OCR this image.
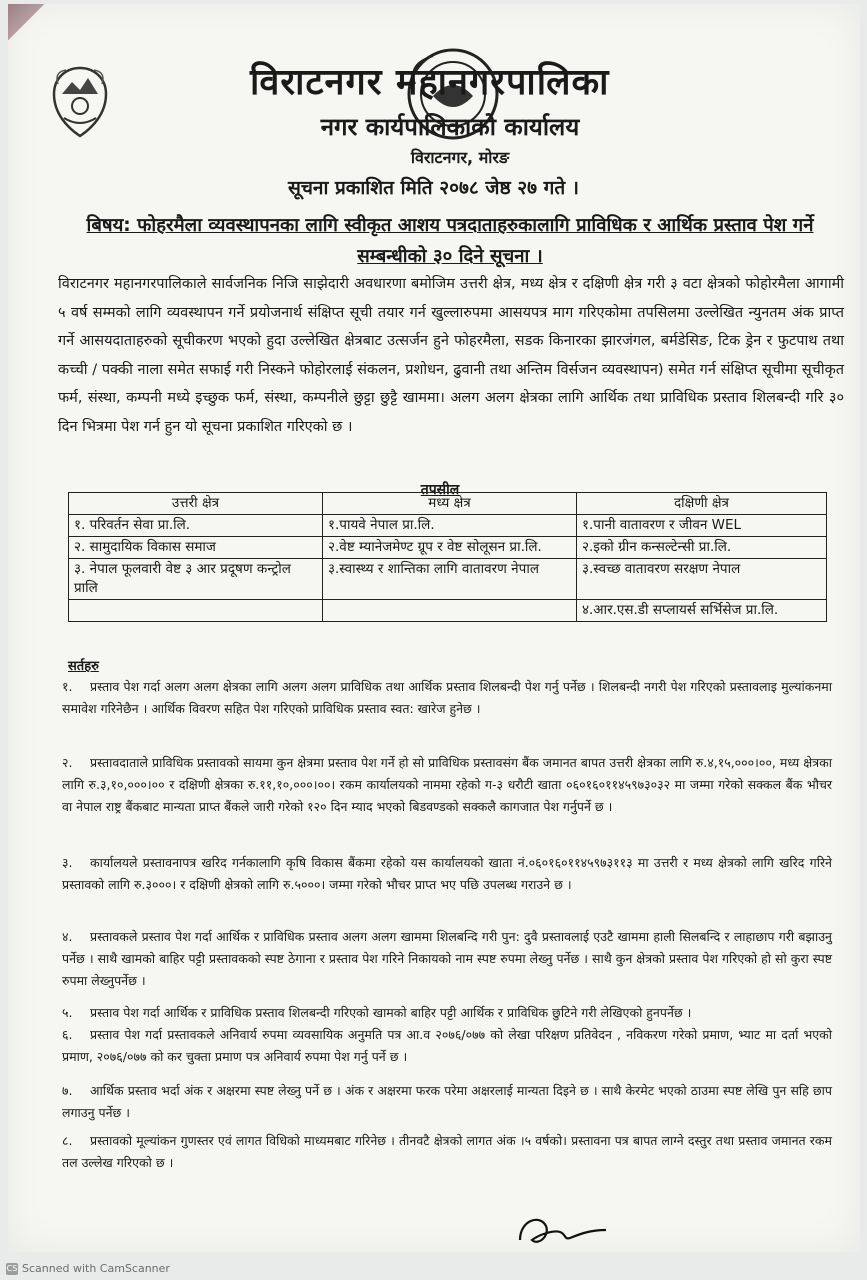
विराटनगर महानगरपालिका
नगर कार्यपालिकाको कार्यालय
विराटनगर, मोरङ
सूचना प्रकाशित मिति २०७८ जेष्ठ २७ गते ।
बिषय: फोहरमैला व्यवस्थापनका लागि स्वीकृत आशय पत्रदाताहरुकालागि प्राविधिक र आर्थिक प्रस्ताव पेश गर्ने सम्बन्धीको ३० दिने सूचना ।
विराटनगर महानगरपालिकाले सार्वजनिक निजि साझेदारी अवधारणा बमोजिम उत्तरी क्षेत्र, मध्य क्षेत्र र दक्षिणी क्षेत्र गरी ३ वटा क्षेत्रको फोहोरमैला आगामी ५ वर्ष सम्मको लागि व्यवस्थापन गर्ने प्रयोजनार्थ संक्षिप्त सूची तयार गर्न खुल्लारुपमा आसयपत्र माग गरिएकोमा तपसिलमा उल्लेखित न्युनतम अंक प्राप्त गर्ने आसयदाताहरुको सूचीकरण भएको हुदा उल्लेखित क्षेत्रबाट उत्सर्जन हुने फोहरमैला, सडक किनारका झारजंगल, बर्मडेसिङ, टिक ड्रेन र फुटपाथ तथा कच्ची / पक्की नाला समेत सफाई गरी निस्कने फोहोरलाई संकलन, प्रशोधन, ढुवानी तथा अन्तिम विर्सजन व्यवस्थापन) समेत गर्न संक्षिप्त सूचीमा सूचीकृत फर्म, संस्था, कम्पनी मध्ये इच्छुक फर्म, संस्था, कम्पनीले छुट्टा छुट्टै खाममा। अलग अलग क्षेत्रका लागि आर्थिक तथा प्राविधिक प्रस्ताव शिलबन्दी गरि ३० दिन भित्रमा पेश गर्न हुन यो सूचना प्रकाशित गरिएको छ ।
तपसील
उत्तरी क्षेत्र	मध्य क्षेत्र	दक्षिणी क्षेत्र
१. परिवर्तन सेवा प्रा.लि.	१.पायवे नेपाल प्रा.लि.	१.पानी वातावरण र जीवन WEL
२. सामुदायिक विकास समाज	२.वेष्ट म्यानेजमेण्ट ग्रूप र वेष्ट सोलूसन प्रा.लि.	२.इको ग्रीन कन्सल्टेन्सी प्रा.लि.
३. नेपाल फूलवारी वेष्ट ३ आर प्रदूषण कन्ट्रोल प्रालि	३.स्वास्थ्य र शान्तिका लागि वातावरण नेपाल	३.स्वच्छ वातावरण सरक्षण नेपाल
		४.आर.एस.डी सप्लायर्स सर्भिसेज प्रा.लि.
सर्तहरु
१. प्रस्ताव पेश गर्दा अलग अलग क्षेत्रका लागि अलग अलग प्राविधिक तथा आर्थिक प्रस्ताव शिलबन्दी पेश गर्नु पर्नेछ । शिलबन्दी नगरी पेश गरिएको प्रस्तावलाइ मुल्यांकनमा समावेश गरिनेछैन । आर्थिक विवरण सहित पेश गरिएको प्राविधिक प्रस्ताव स्वत: खारेज हुनेछ ।
२. प्रस्तावदाताले प्राविधिक प्रस्तावको सायमा कुन क्षेत्रमा प्रस्ताव पेश गर्ने हो सो प्राविधिक प्रस्तावसंग बैंक जमानत बापत उत्तरी क्षेत्रका लागि रु.४,१५,०००।००, मध्य क्षेत्रका लागि रु.३,१०,०००।०० र दक्षिणी क्षेत्रका रु.११,१०,०००।००। रकम कार्यालयको नाममा रहेको ग-३ धरौटी खाता ०६०१६०११४५९७३०३२ मा जम्मा गरेको सक्कल बैंक भौचर वा नेपाल राष्ट्र बैंकबाट मान्यता प्राप्त बैंकले जारी गरेको १२० दिन म्याद भएको बिडवण्डको सक्कलै कागजात पेश गर्नुपर्ने छ ।
३. कार्यालयले प्रस्तावनापत्र खरिद गर्नकालागि कृषि विकास बैंकमा रहेको यस कार्यालयको खाता नं.०६०१६०११४५९७३११३ मा उत्तरी र मध्य क्षेत्रको लागि खरिद गरिने प्रस्तावको लागि रु.३०००। र दक्षिणी क्षेत्रको लागि रु.५०००। जम्मा गरेको भौचर प्राप्त भए पछि उपलब्ध गराउने छ ।
४. प्रस्तावकले प्रस्ताव पेश गर्दा आर्थिक र प्राविधिक प्रस्ताव अलग अलग खाममा शिलबन्दि गरी पुन: दुवै प्रस्तावलाई एउटै खाममा हाली सिलबन्दि र लाहाछाप गरी बझाउनु पर्नेछ । साथै खामको बाहिर पट्टी प्रस्तावकको स्पष्ट ठेगाना र प्रस्ताव पेश गरिने निकायको नाम स्पष्ट रुपमा लेख्नु पर्नेछ । साथै कुन क्षेत्रको प्रस्ताव पेश गरिएको हो सो कुरा स्पष्ट रुपमा लेख्नुपर्नेछ ।
५. प्रस्ताव पेश गर्दा आर्थिक र प्राविधिक प्रस्ताव शिलबन्दी गरिएको खामको बाहिर पट्टी आर्थिक र प्राविधिक छुटिने गरी लेखिएको हुनपर्नेछ ।
६. प्रस्ताव पेश गर्दा प्रस्तावकले अनिवार्य रुपमा व्यवसायिक अनुमति पत्र आ.व २०७६/०७७ को लेखा परिक्षण प्रतिवेदन , नविकरण गरेको प्रमाण, भ्याट मा दर्ता भएको प्रमाण, २०७६/०७७ को कर चुक्ता प्रमाण पत्र अनिवार्य रुपमा पेश गर्नु पर्ने छ ।
७. आर्थिक प्रस्ताव भर्दा अंक र अक्षरमा स्पष्ट लेख्नु पर्ने छ । अंक र अक्षरमा फरक परेमा अक्षरलाई मान्यता दिइने छ । साथै केरमेट भएको ठाउमा स्पष्ट लेखि पुन सहि छाप लगाउनु पर्नेछ ।
८. प्रस्तावको मूल्यांकन गुणस्तर एवं लागत विधिको माध्यमबाट गरिनेछ । तीनवटै क्षेत्रको लागत अंक ।५ वर्षको। प्रस्तावना पत्र बापत लाग्ने दस्तुर तथा प्रस्ताव जमानत रकम तल उल्लेख गरिएको छ ।
CS Scanned with CamScanner
